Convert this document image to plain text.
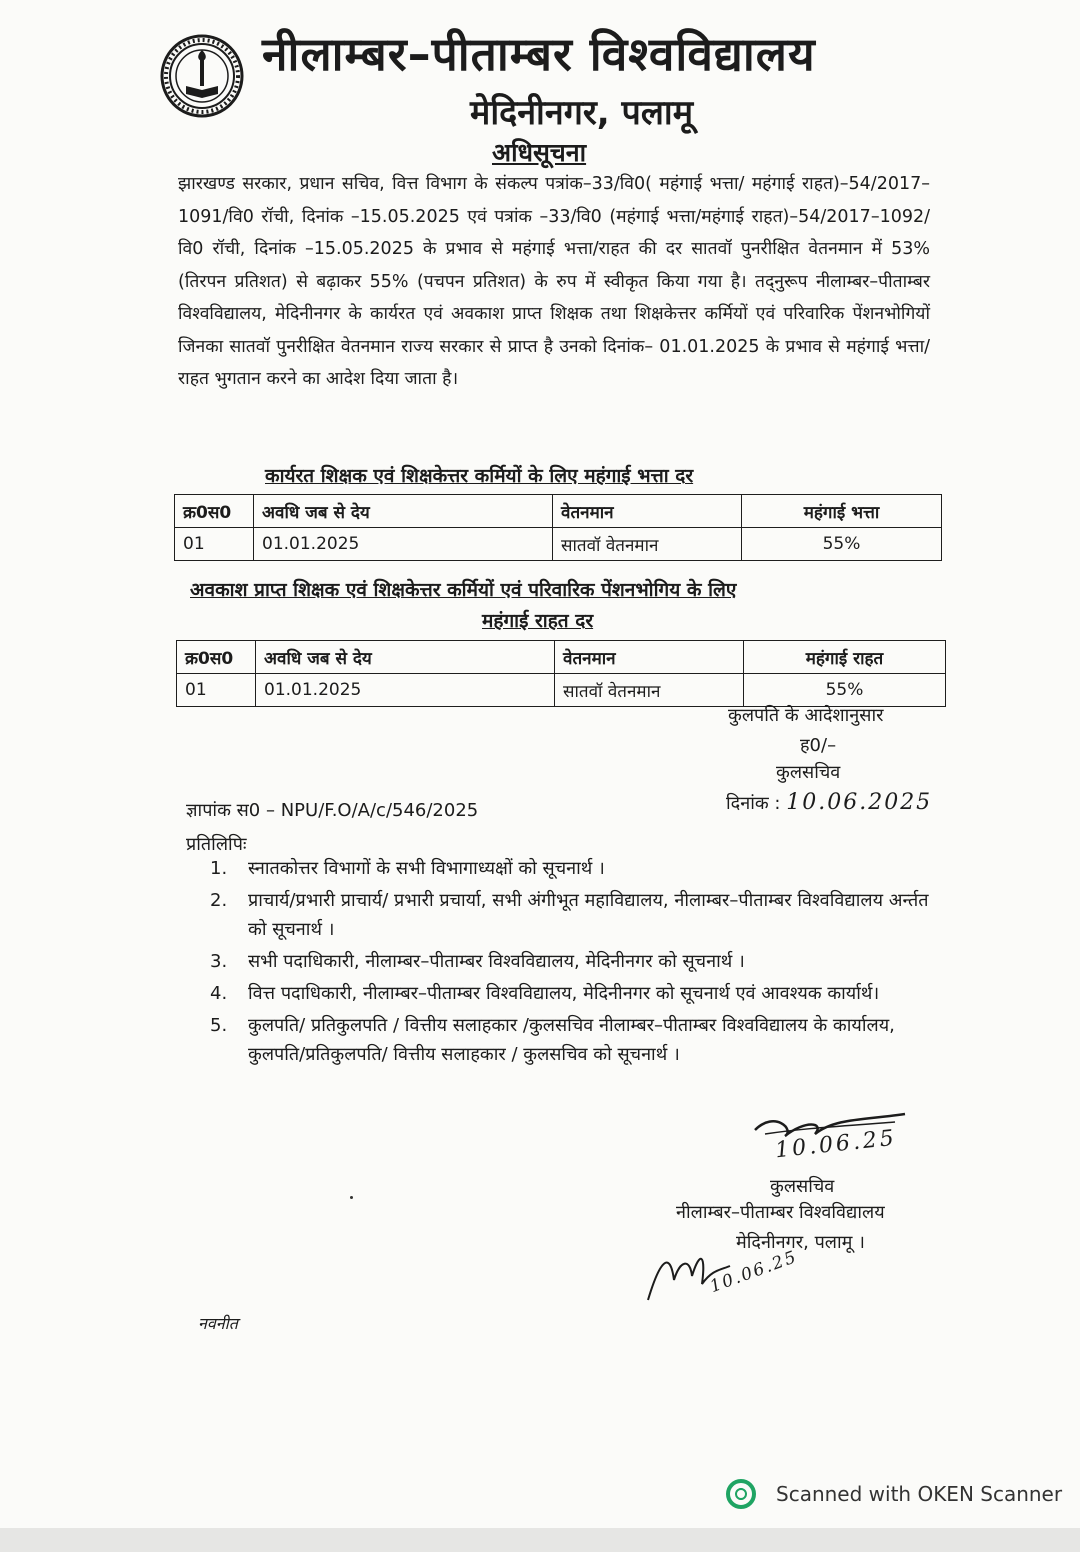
नीलाम्बर–पीताम्बर विश्वविद्यालय
मेदिनीनगर, पलामू
अधिसूचना
झारखण्ड सरकार, प्रधान सचिव, वित्त विभाग के संकल्प पत्रांक–33/वि0( महंगाई भत्ता/ महंगाई राहत)–54/2017–1091/वि0 रॉची, दिनांक –15.05.2025 एवं पत्रांक –33/वि0 (महंगाई भत्ता/महंगाई राहत)–54/2017–1092/वि0 रॉची, दिनांक –15.05.2025 के प्रभाव से महंगाई भत्ता/राहत की दर सातवॉ पुनरीक्षित वेतनमान में 53% (तिरपन प्रतिशत) से बढ़ाकर 55% (पचपन प्रतिशत) के रुप में स्वीकृत किया गया है। तद्नुरूप नीलाम्बर–पीताम्बर विश्वविद्यालय, मेदिनीनगर के कार्यरत एवं अवकाश प्राप्त शिक्षक तथा शिक्षकेत्तर कर्मियों एवं परिवारिक पेंशनभोगियों जिनका सातवॉ पुनरीक्षित वेतनमान राज्य सरकार से प्राप्त है उनको दिनांक– 01.01.2025 के प्रभाव से महंगाई भत्ता/राहत भुगतान करने का आदेश दिया जाता है।
कार्यरत शिक्षक एवं शिक्षकेत्तर कर्मियों के लिए महंगाई भत्ता दर
क्र0स0	अवधि जब से देय	वेतनमान	महंगाई भत्ता
01	01.01.2025	सातवॉ वेतनमान	55%
अवकाश प्राप्त शिक्षक एवं शिक्षकेत्तर कर्मियों एवं परिवारिक पेंशनभोगिय के लिए
महंगाई राहत दर
क्र0स0	अवधि जब से देय	वेतनमान	महंगाई राहत
01	01.01.2025	सातवॉ वेतनमान	55%
कुलपति के आदेशानुसार
ह0/–
कुलसचिव
ज्ञापांक स0 – NPU/F.O/A/c/546/2025	दिनांक : 10.06.2025
प्रतिलिपिः
1. स्नातकोत्तर विभागों के सभी विभागाध्यक्षों को सूचनार्थ ।
2. प्राचार्य/प्रभारी प्राचार्य/ प्रभारी प्रचार्या, सभी अंगीभूत महाविद्यालय, नीलाम्बर–पीताम्बर विश्वविद्यालय अर्न्तत को सूचनार्थ ।
3. सभी पदाधिकारी, नीलाम्बर–पीताम्बर विश्वविद्यालय, मेदिनीनगर को सूचनार्थ ।
4. वित्त पदाधिकारी, नीलाम्बर–पीताम्बर विश्वविद्यालय, मेदिनीनगर को सूचनार्थ एवं आवश्यक कार्यार्थ।
5. कुलपति/ प्रतिकुलपति / वित्तीय सलाहकार /कुलसचिव नीलाम्बर–पीताम्बर विश्वविद्यालय के कार्यालय, कुलपति/प्रतिकुलपति/ वित्तीय सलाहकार / कुलसचिव को सूचनार्थ ।
10.06.25
कुलसचिव
नीलाम्बर–पीताम्बर विश्वविद्यालय
मेदिनीनगर, पलामू ।
10.06.25
नवनीत
Scanned with OKEN Scanner
